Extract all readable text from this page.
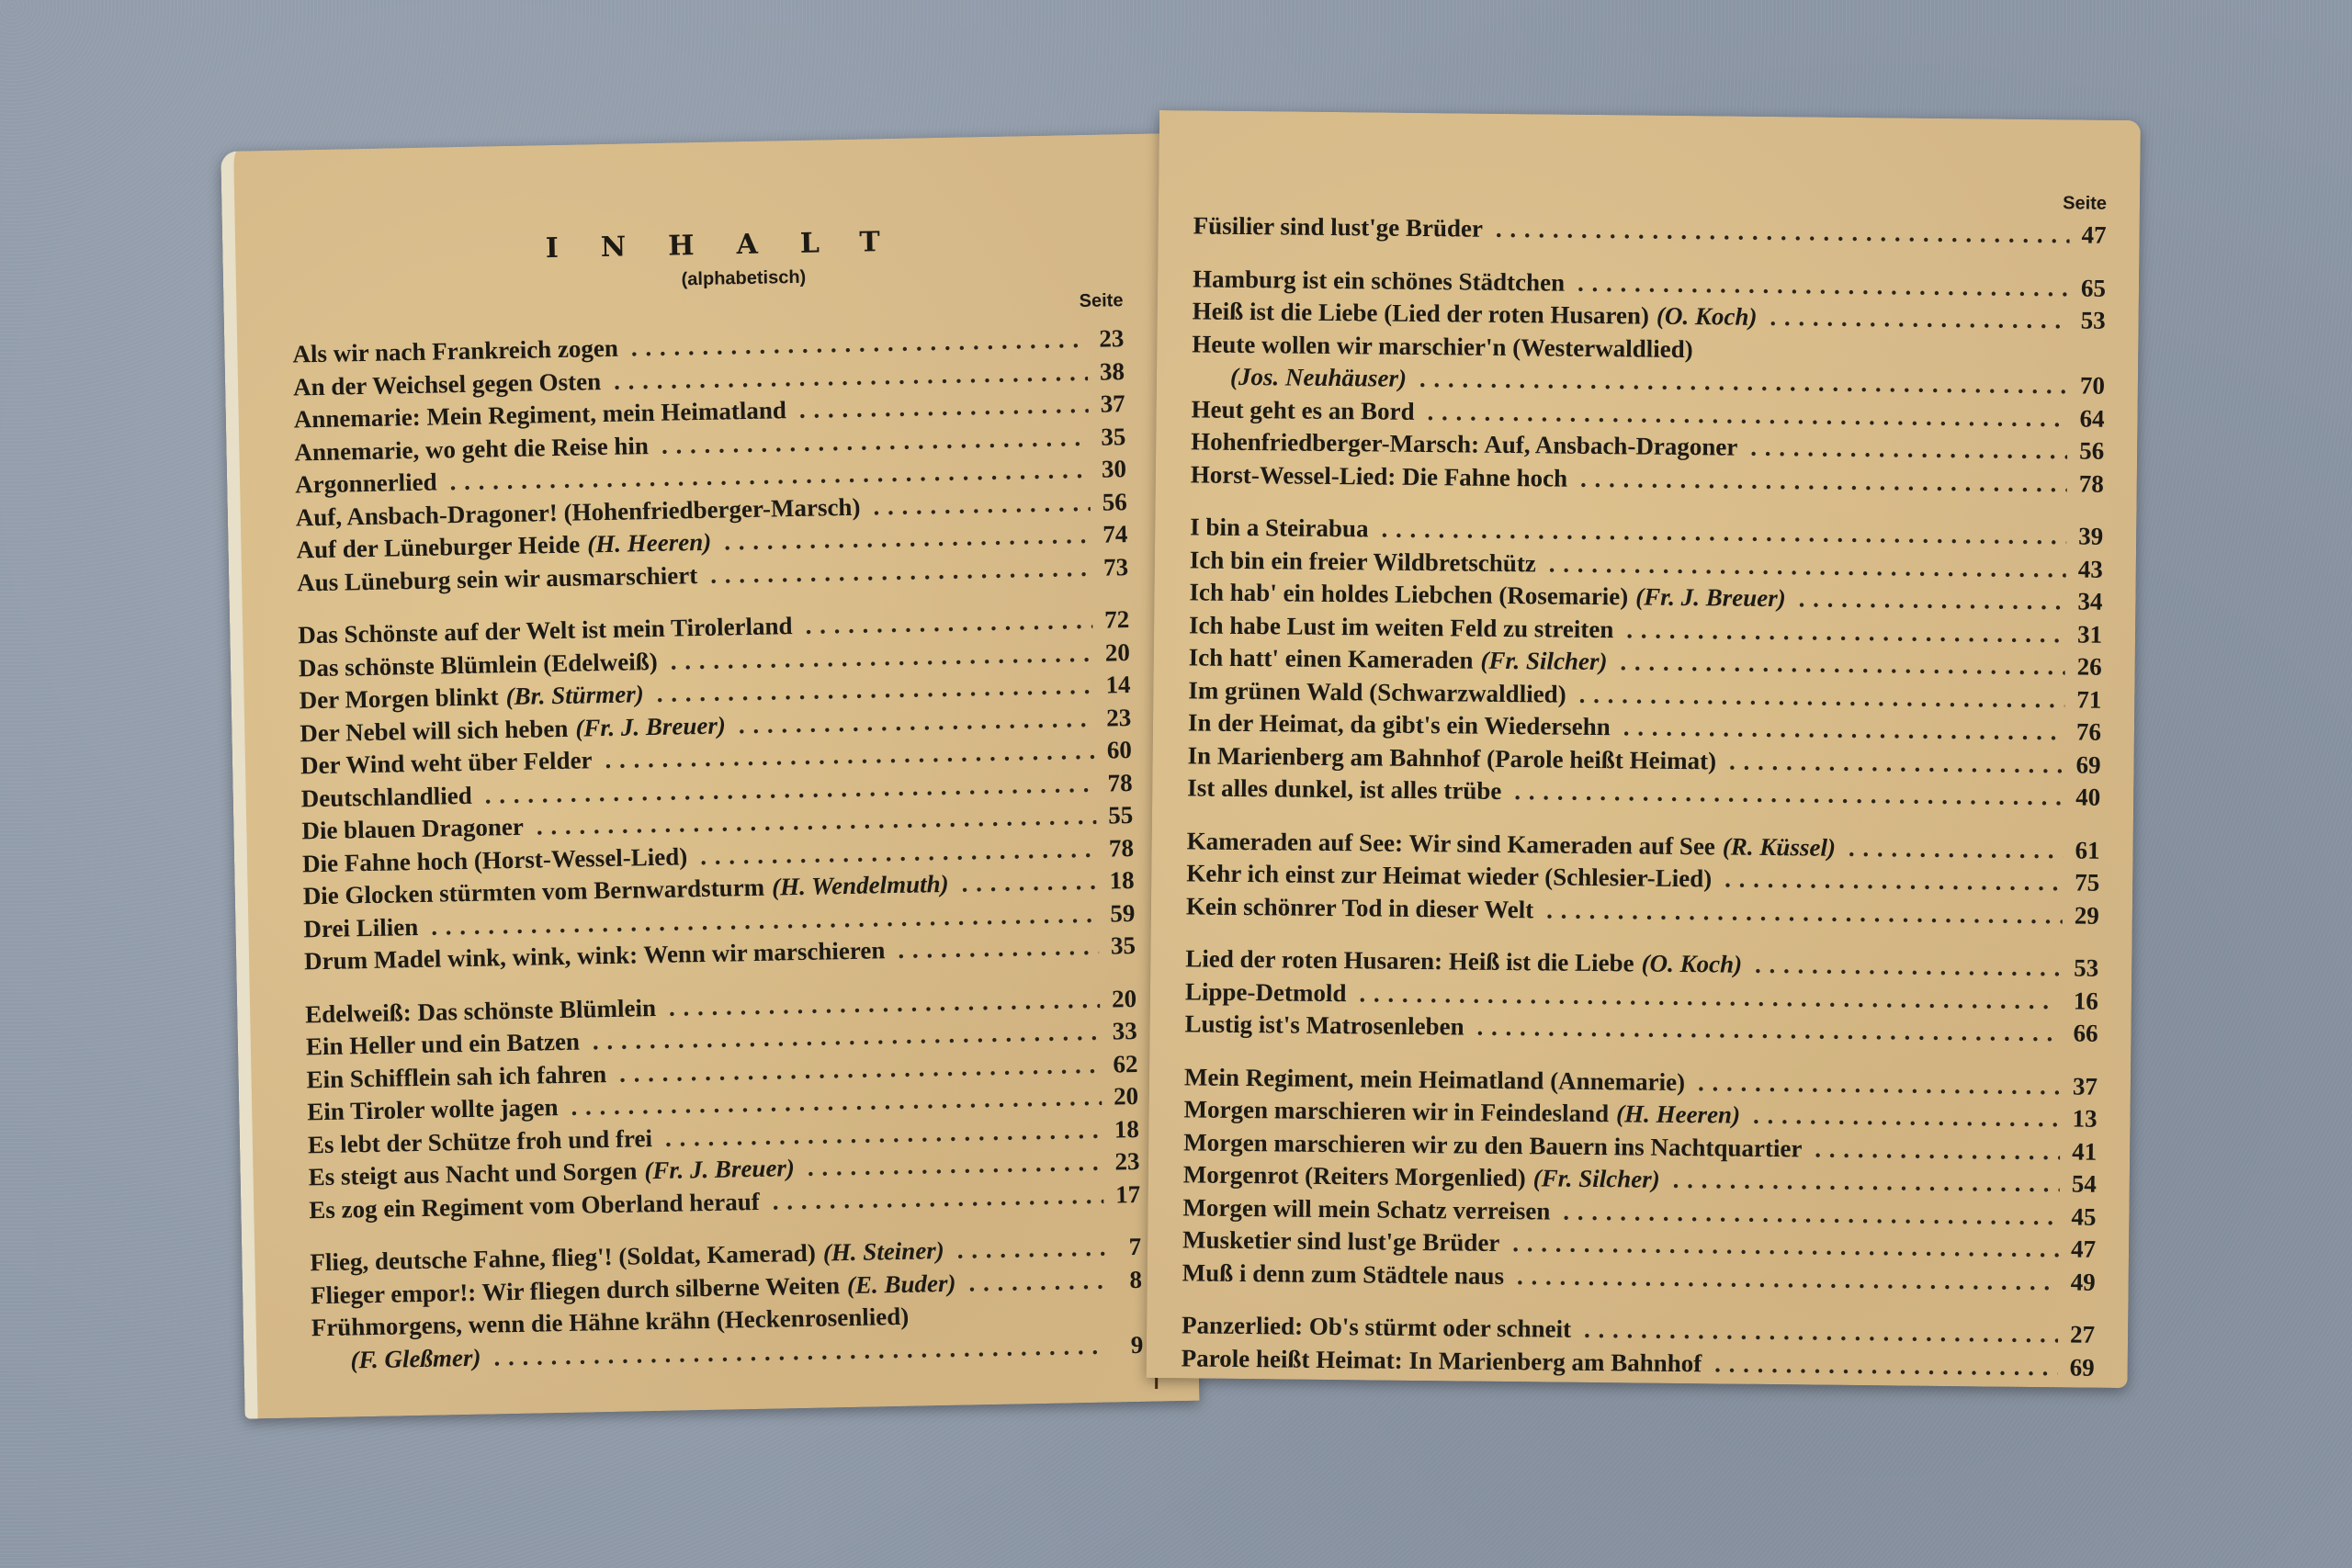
INHALT
(alphabetisch)
Seite
Als wir nach Frankreich zogen . . .	23
An der Weichsel gegen Osten . . .	38
Annemarie: Mein Regiment, mein Heimatland . . .	37
Annemarie, wo geht die Reise hin . . .	35
Argonnerlied . . .	30
Auf, Ansbach-Dragoner! (Hohenfriedberger-Marsch) . . .	56
Auf der Lüneburger Heide (H. Heeren) . . .	74
Aus Lüneburg sein wir ausmarschiert . . .	73
Das Schönste auf der Welt ist mein Tirolerland . . .	72
Das schönste Blümlein (Edelweiß) . . .	20
Der Morgen blinkt (Br. Stürmer) . . .	14
Der Nebel will sich heben (Fr. J. Breuer) . . .	23
Der Wind weht über Felder . . .	60
Deutschlandlied . . .	78
Die blauen Dragoner . . .	55
Die Fahne hoch (Horst-Wessel-Lied) . . .	78
Die Glocken stürmten vom Bernwardsturm (H. Wendelmuth) . . .	18
Drei Lilien . . .	59
Drum Madel wink, wink, wink: Wenn wir marschieren . . .	35
Edelweiß: Das schönste Blümlein . . .	20
Ein Heller und ein Batzen . . .	33
Ein Schifflein sah ich fahren . . .	62
Ein Tiroler wollte jagen . . .	20
Es lebt der Schütze froh und frei . . .	18
Es steigt aus Nacht und Sorgen (Fr. J. Breuer) . . .	23
Es zog ein Regiment vom Oberland herauf . . .	17
Flieg, deutsche Fahne, flieg'! (Soldat, Kamerad) (H. Steiner) . . .	7
Flieger empor!: Wir fliegen durch silberne Weiten (E. Buder) . . .	8
Frühmorgens, wenn die Hähne krähn (Heckenrosenlied)
(F. Gleßmer) . . .	9
Seite
Füsilier sind lust'ge Brüder . . .	47
Hamburg ist ein schönes Städtchen . . .	65
Heiß ist die Liebe (Lied der roten Husaren) (O. Koch) . . .	53
Heute wollen wir marschier'n (Westerwaldlied)
(Jos. Neuhäuser) . . .	70
Heut geht es an Bord . . .	64
Hohenfriedberger-Marsch: Auf, Ansbach-Dragoner . . .	56
Horst-Wessel-Lied: Die Fahne hoch . . .	78
I bin a Steirabua . . .	39
Ich bin ein freier Wildbretschütz . . .	43
Ich hab' ein holdes Liebchen (Rosemarie) (Fr. J. Breuer) . . .	34
Ich habe Lust im weiten Feld zu streiten . . .	31
Ich hatt' einen Kameraden (Fr. Silcher) . . .	26
Im grünen Wald (Schwarzwaldlied) . . .	71
In der Heimat, da gibt's ein Wiedersehn . . .	76
In Marienberg am Bahnhof (Parole heißt Heimat) . . .	69
Ist alles dunkel, ist alles trübe . . .	40
Kameraden auf See: Wir sind Kameraden auf See (R. Küssel) . . .	61
Kehr ich einst zur Heimat wieder (Schlesier-Lied) . . .	75
Kein schönrer Tod in dieser Welt . . .	29
Lied der roten Husaren: Heiß ist die Liebe (O. Koch) . . .	53
Lippe-Detmold . . .	16
Lustig ist's Matrosenleben . . .	66
Mein Regiment, mein Heimatland (Annemarie) . . .	37
Morgen marschieren wir in Feindesland (H. Heeren) . . .	13
Morgen marschieren wir zu den Bauern ins Nachtquartier . . .	41
Morgenrot (Reiters Morgenlied) (Fr. Silcher) . . .	54
Morgen will mein Schatz verreisen . . .	45
Musketier sind lust'ge Brüder . . .	47
Muß i denn zum Städtele naus . . .	49
Panzerlied: Ob's stürmt oder schneit . . .	27
Parole heißt Heimat: In Marienberg am Bahnhof . . .	69
